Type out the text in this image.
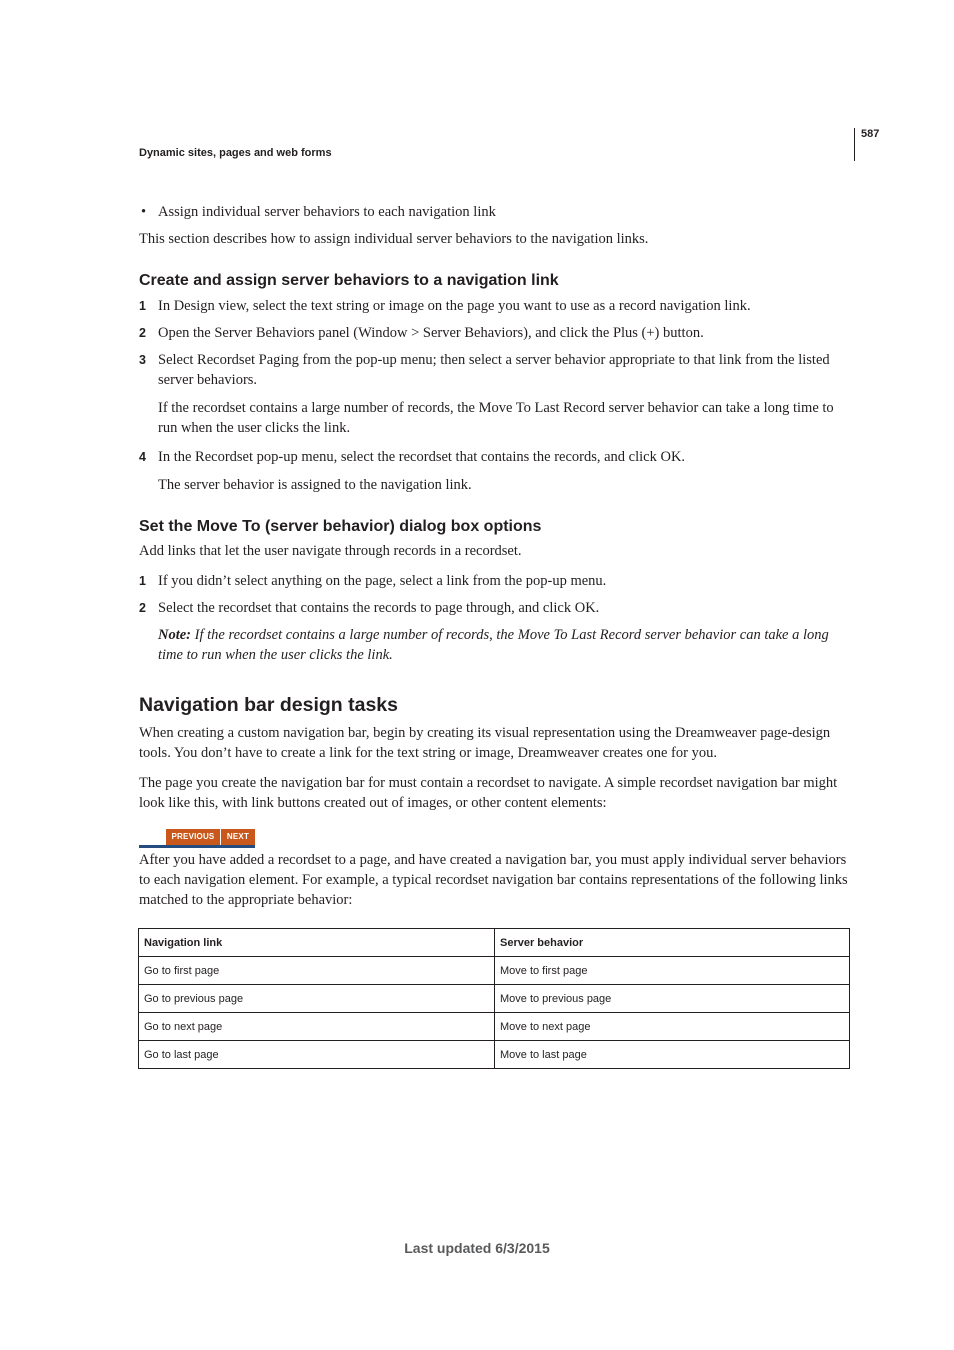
587
Dynamic sites, pages and web forms
• Assign individual server behaviors to each navigation link
This section describes how to assign individual server behaviors to the navigation links.
Create and assign server behaviors to a navigation link
1 In Design view, select the text string or image on the page you want to use as a record navigation link.
2 Open the Server Behaviors panel (Window > Server Behaviors), and click the Plus (+) button.
3 Select Recordset Paging from the pop-up menu; then select a server behavior appropriate to that link from the listed server behaviors.
If the recordset contains a large number of records, the Move To Last Record server behavior can take a long time to run when the user clicks the link.
4 In the Recordset pop-up menu, select the recordset that contains the records, and click OK.
The server behavior is assigned to the navigation link.
Set the Move To (server behavior) dialog box options
Add links that let the user navigate through records in a recordset.
1 If you didn’t select anything on the page, select a link from the pop-up menu.
2 Select the recordset that contains the records to page through, and click OK.
Note: If the recordset contains a large number of records, the Move To Last Record server behavior can take a long time to run when the user clicks the link.
Navigation bar design tasks
When creating a custom navigation bar, begin by creating its visual representation using the Dreamweaver page-design tools. You don’t have to create a link for the text string or image, Dreamweaver creates one for you.
The page you create the navigation bar for must contain a recordset to navigate. A simple recordset navigation bar might look like this, with link buttons created out of images, or other content elements:
PREVIOUS	NEXT
After you have added a recordset to a page, and have created a navigation bar, you must apply individual server behaviors to each navigation element. For example, a typical recordset navigation bar contains representations of the following links matched to the appropriate behavior:
Navigation link	Server behavior
Go to first page	Move to first page
Go to previous page	Move to previous page
Go to next page	Move to next page
Go to last page	Move to last page
Last updated 6/3/2015
